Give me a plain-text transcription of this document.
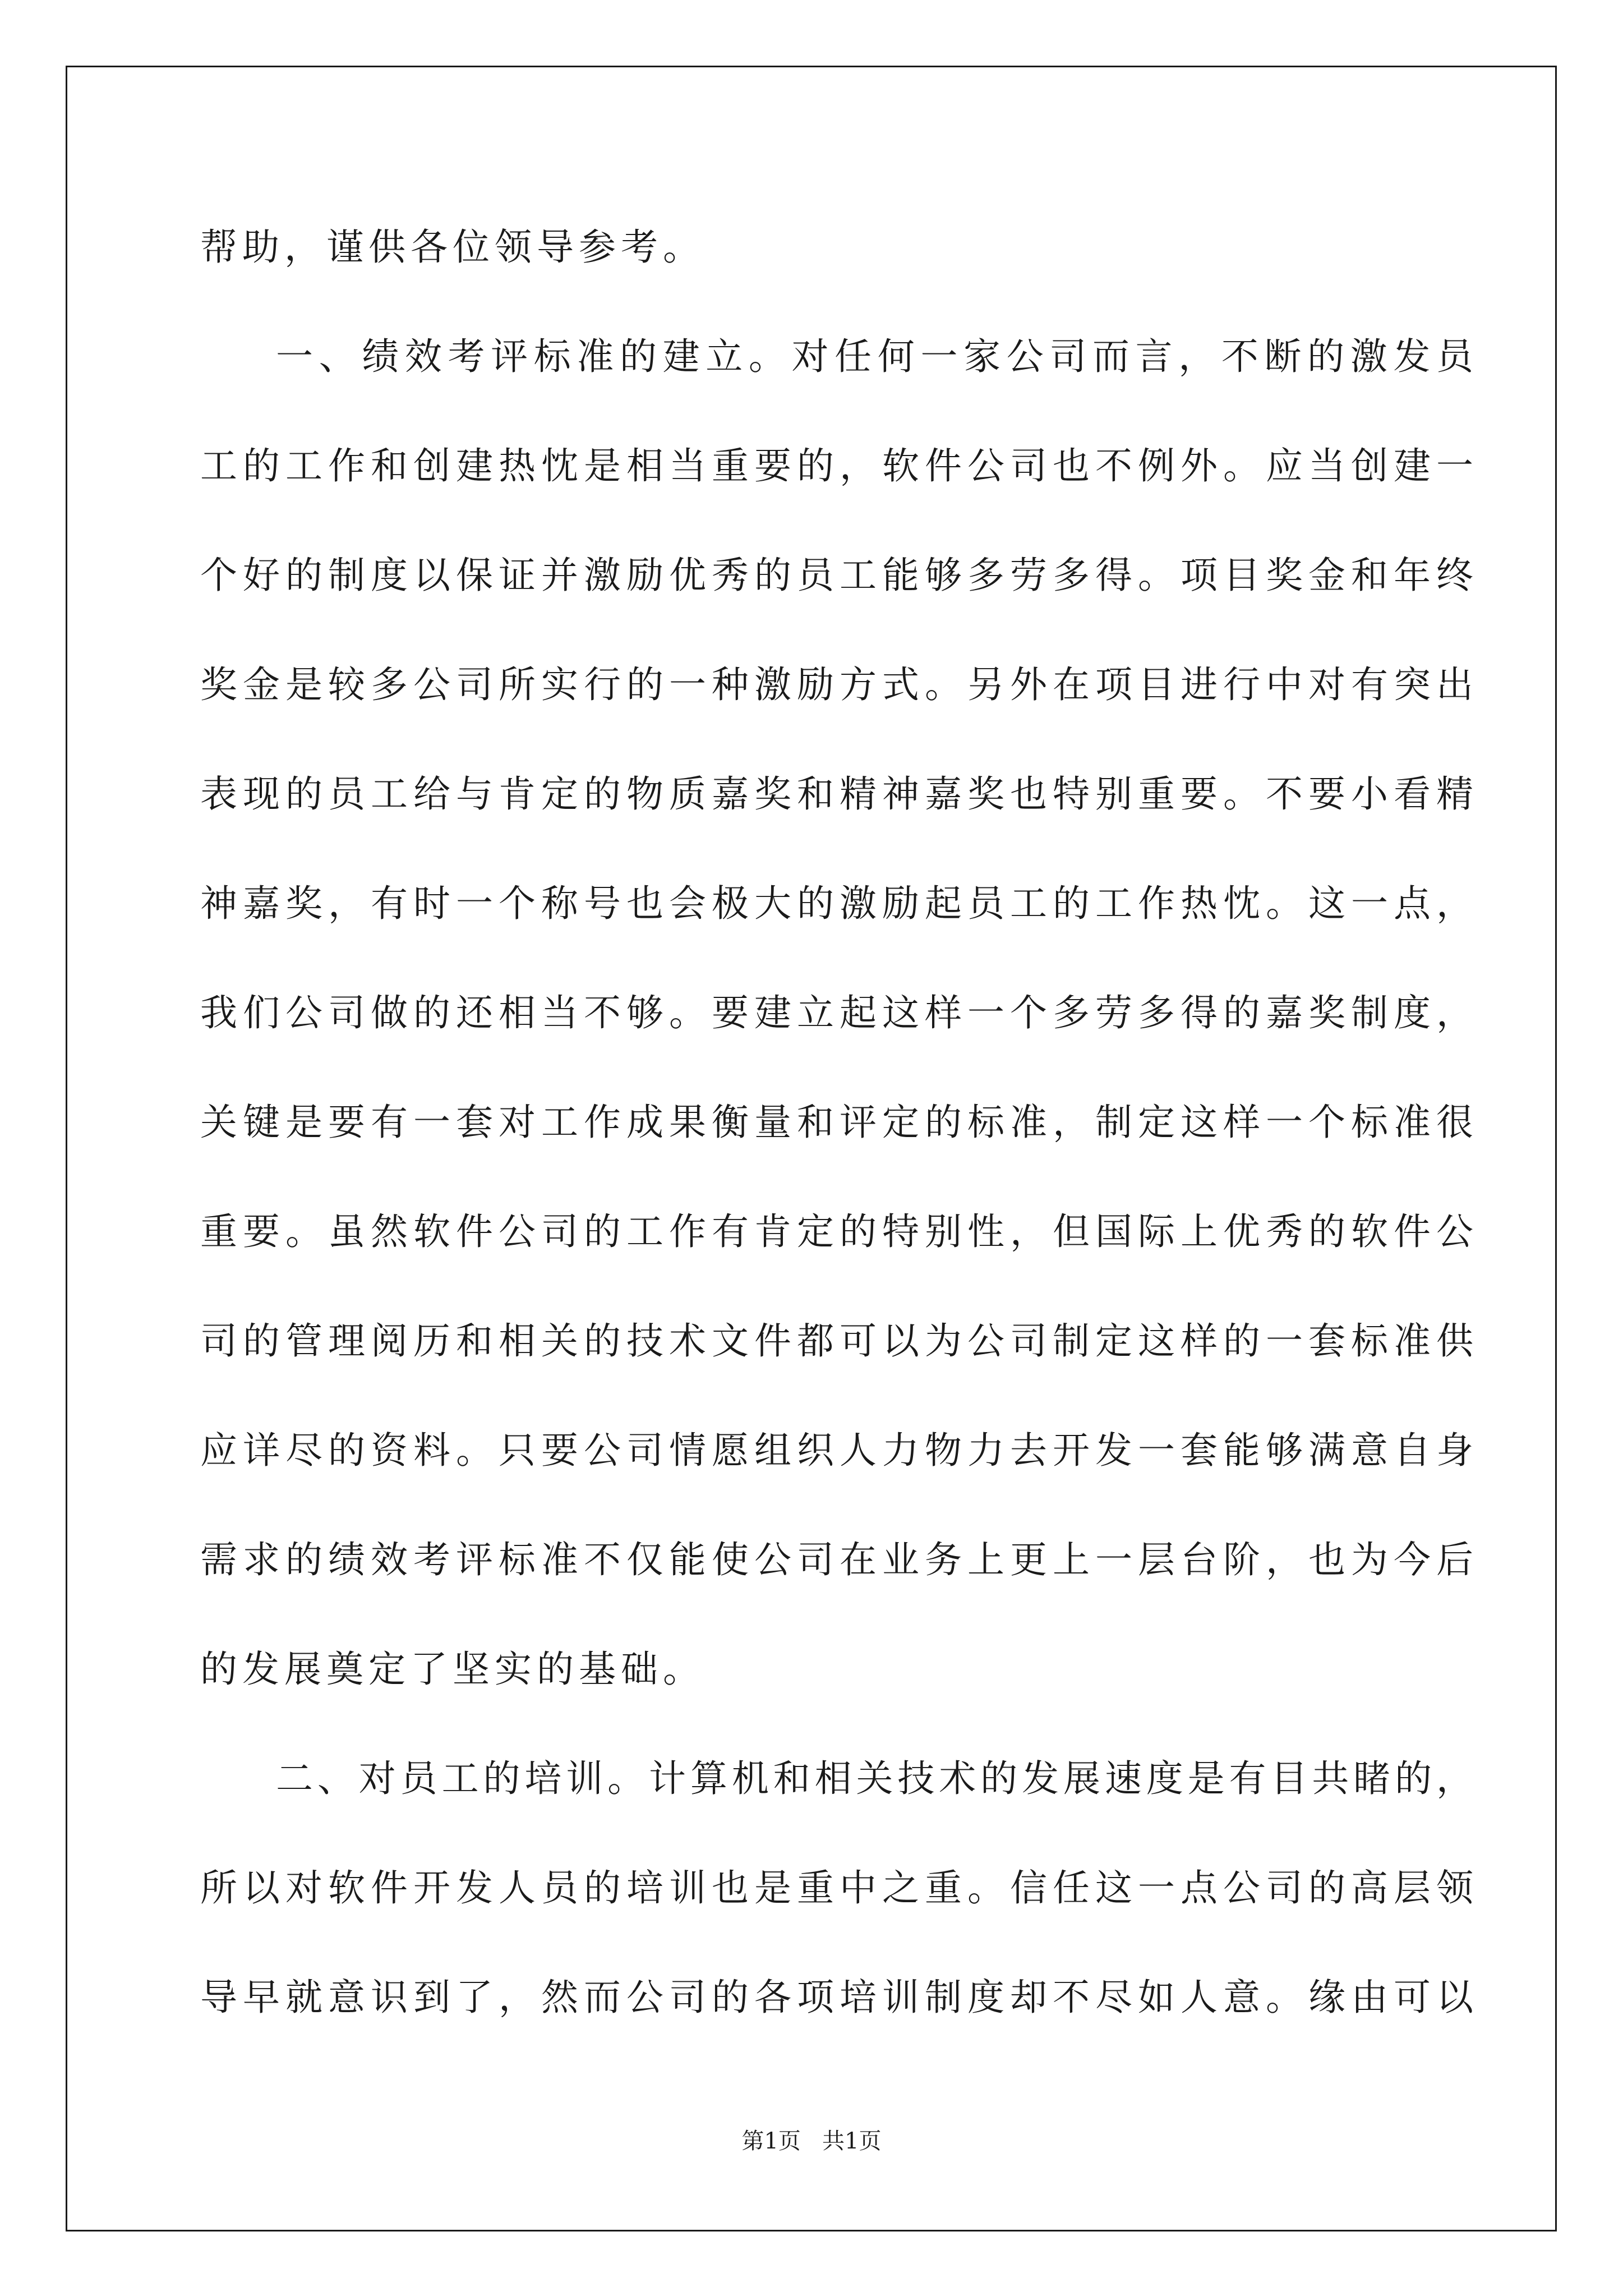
帮助，谨供各位领导参考。
一、绩效考评标准的建立。对任何一家公司而言，不断的激发员
工的工作和创建热忱是相当重要的，软件公司也不例外。应当创建一
个好的制度以保证并激励优秀的员工能够多劳多得。项目奖金和年终
奖金是较多公司所实行的一种激励方式。另外在项目进行中对有突出
表现的员工给与肯定的物质嘉奖和精神嘉奖也特别重要。不要小看精
神嘉奖，有时一个称号也会极大的激励起员工的工作热忱。这一点，
我们公司做的还相当不够。要建立起这样一个多劳多得的嘉奖制度，
关键是要有一套对工作成果衡量和评定的标准，制定这样一个标准很
重要。虽然软件公司的工作有肯定的特别性，但国际上优秀的软件公
司的管理阅历和相关的技术文件都可以为公司制定这样的一套标准供
应详尽的资料。只要公司情愿组织人力物力去开发一套能够满意自身
需求的绩效考评标准不仅能使公司在业务上更上一层台阶，也为今后
的发展奠定了坚实的基础。
二、对员工的培训。计算机和相关技术的发展速度是有目共睹的，
所以对软件开发人员的培训也是重中之重。信任这一点公司的高层领
导早就意识到了，然而公司的各项培训制度却不尽如人意。缘由可以
第1页   共1页
